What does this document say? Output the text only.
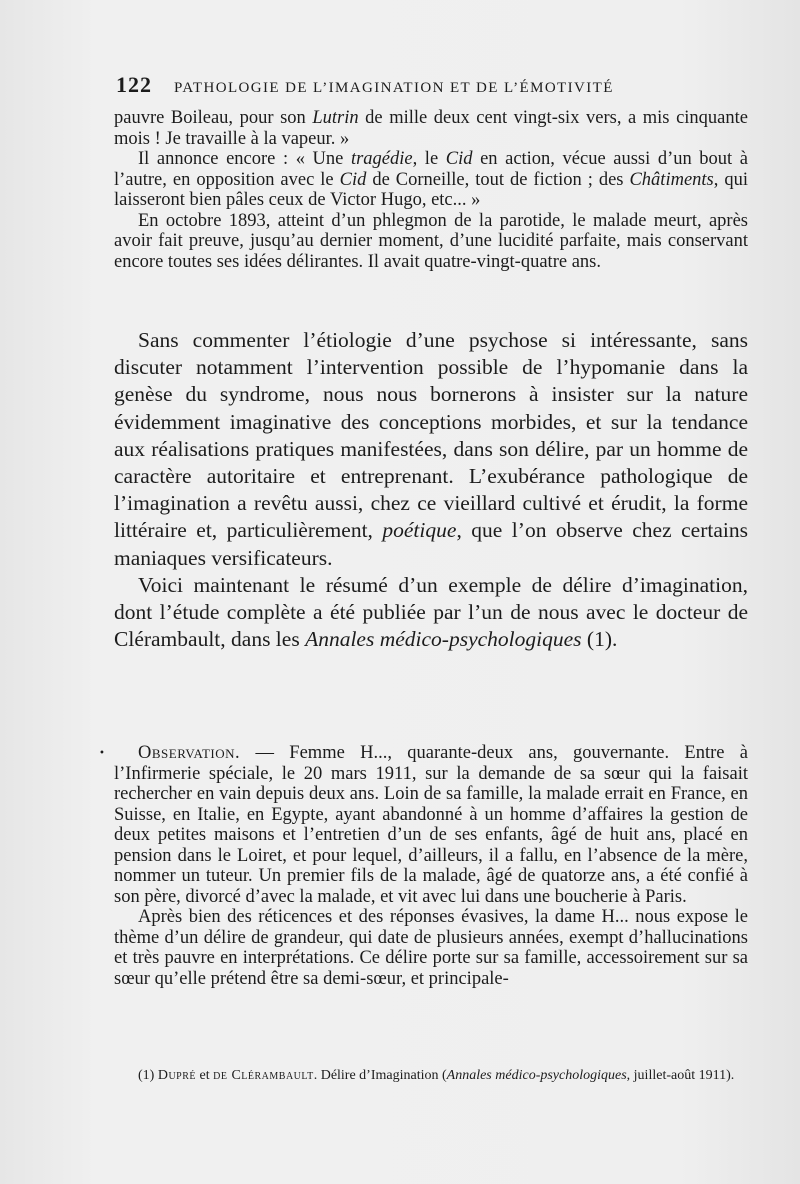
122 PATHOLOGIE DE L’IMAGINATION ET DE L’ÉMOTIVITÉ

pauvre Boileau, pour son Lutrin de mille deux cent vingt-six vers, a mis cinquante mois ! Je travaille à la vapeur. »

Il annonce encore : « Une tragédie, le Cid en action, vécue aussi d’un bout à l’autre, en opposition avec le Cid de Corneille, tout de fiction ; des Châtiments, qui laisseront bien pâles ceux de Victor Hugo, etc... »

En octobre 1893, atteint d’un phlegmon de la parotide, le malade meurt, après avoir fait preuve, jusqu’au dernier moment, d’une lucidité parfaite, mais conservant encore toutes ses idées délirantes. Il avait quatre-vingt-quatre ans.

Sans commenter l’étiologie d’une psychose si intéressante, sans discuter notamment l’intervention possible de l’hypomanie dans la genèse du syndrome, nous nous bornerons à insister sur la nature évidemment imaginative des conceptions morbides, et sur la tendance aux réalisations pratiques manifestées, dans son délire, par un homme de caractère autoritaire et entreprenant. L’exubérance pathologique de l’imagination a revêtu aussi, chez ce vieillard cultivé et érudit, la forme littéraire et, particulièrement, poétique, que l’on observe chez certains maniaques versificateurs.

Voici maintenant le résumé d’un exemple de délire d’imagination, dont l’étude complète a été publiée par l’un de nous avec le docteur de Clérambault, dans les Annales médico-psychologiques (1).

•	Observation. — Femme H..., quarante-deux ans, gouvernante. Entre à l’Infirmerie spéciale, le 20 mars 1911, sur la demande de sa sœur qui la faisait rechercher en vain depuis deux ans. Loin de sa famille, la malade errait en France, en Suisse, en Italie, en Egypte, ayant abandonné à un homme d’affaires la gestion de deux petites maisons et l’entretien d’un de ses enfants, âgé de huit ans, placé en pension dans le Loiret, et pour lequel, d’ailleurs, il a fallu, en l’absence de la mère, nommer un tuteur. Un premier fils de la malade, âgé de quatorze ans, a été confié à son père, divorcé d’avec la malade, et vit avec lui dans une boucherie à Paris.

Après bien des réticences et des réponses évasives, la dame H... nous expose le thème d’un délire de grandeur, qui date de plusieurs années, exempt d’hallucinations et très pauvre en interprétations. Ce délire porte sur sa famille, accessoirement sur sa sœur qu’elle prétend être sa demi-sœur, et principale-

(1) Dupré et de Clérambault. Délire d’Imagination (Annales médico-psychologiques, juillet-août 1911).
